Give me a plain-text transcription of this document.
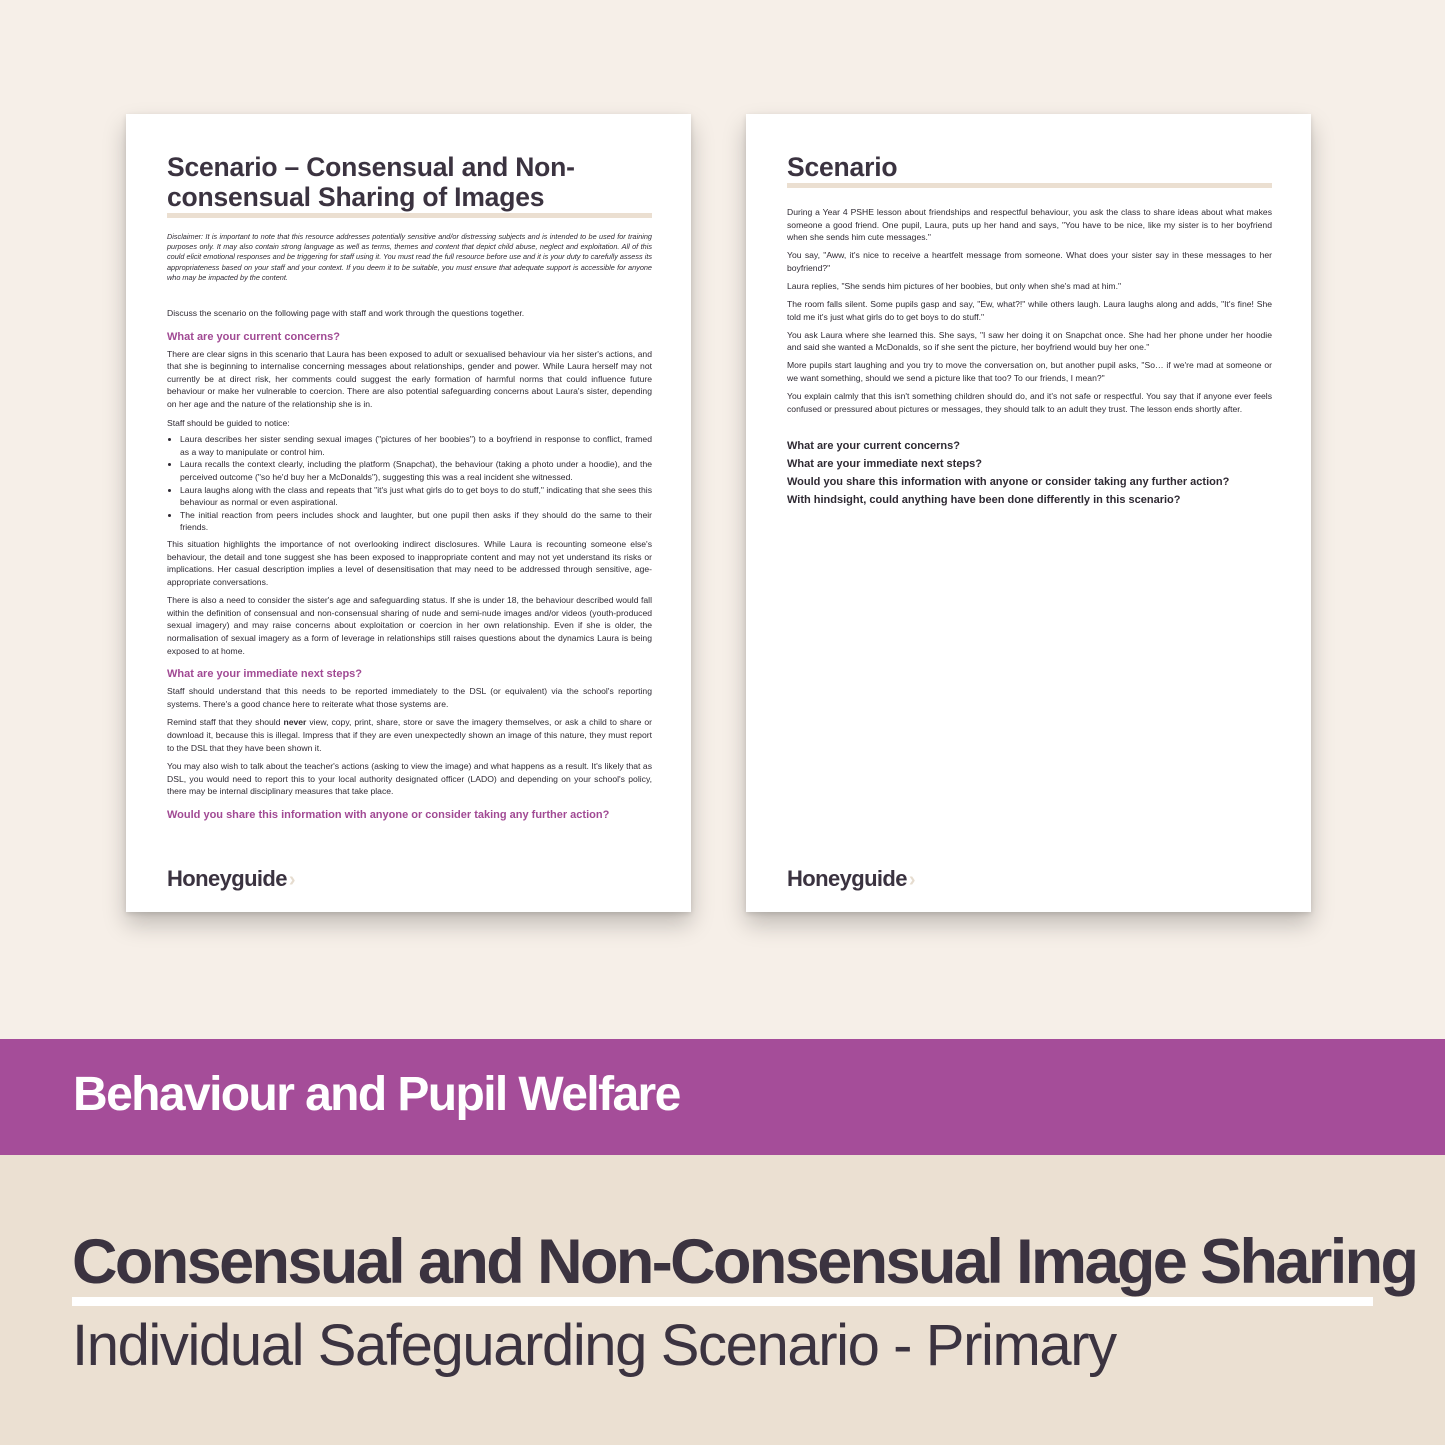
Scenario – Consensual and Non-consensual Sharing of Images
Disclaimer: It is important to note that this resource addresses potentially sensitive and/or distressing subjects and is intended to be used for training purposes only. It may also contain strong language as well as terms, themes and content that depict child abuse, neglect and exploitation. All of this could elicit emotional responses and be triggering for staff using it. You must read the full resource before use and it is your duty to carefully assess its appropriateness based on your staff and your context. If you deem it to be suitable, you must ensure that adequate support is accessible for anyone who may be impacted by the content.

Discuss the scenario on the following page with staff and work through the questions together.

What are your current concerns?

There are clear signs in this scenario that Laura has been exposed to adult or sexualised behaviour via her sister's actions, and that she is beginning to internalise concerning messages about relationships, gender and power. While Laura herself may not currently be at direct risk, her comments could suggest the early formation of harmful norms that could influence future behaviour or make her vulnerable to coercion. There are also potential safeguarding concerns about Laura's sister, depending on her age and the nature of the relationship she is in.

Staff should be guided to notice:

• Laura describes her sister sending sexual images ("pictures of her boobies") to a boyfriend in response to conflict, framed as a way to manipulate or control him.
• Laura recalls the context clearly, including the platform (Snapchat), the behaviour (taking a photo under a hoodie), and the perceived outcome ("so he'd buy her a McDonalds"), suggesting this was a real incident she witnessed.
• Laura laughs along with the class and repeats that "it's just what girls do to get boys to do stuff," indicating that she sees this behaviour as normal or even aspirational.
• The initial reaction from peers includes shock and laughter, but one pupil then asks if they should do the same to their friends.

This situation highlights the importance of not overlooking indirect disclosures. While Laura is recounting someone else's behaviour, the detail and tone suggest she has been exposed to inappropriate content and may not yet understand its risks or implications. Her casual description implies a level of desensitisation that may need to be addressed through sensitive, age-appropriate conversations.

There is also a need to consider the sister's age and safeguarding status. If she is under 18, the behaviour described would fall within the definition of consensual and non-consensual sharing of nude and semi-nude images and/or videos (youth-produced sexual imagery) and may raise concerns about exploitation or coercion in her own relationship. Even if she is older, the normalisation of sexual imagery as a form of leverage in relationships still raises questions about the dynamics Laura is being exposed to at home.

What are your immediate next steps?

Staff should understand that this needs to be reported immediately to the DSL (or equivalent) via the school's reporting systems. There's a good chance here to reiterate what those systems are.

Remind staff that they should never view, copy, print, share, store or save the imagery themselves, or ask a child to share or download it, because this is illegal. Impress that if they are even unexpectedly shown an image of this nature, they must report to the DSL that they have been shown it.

You may also wish to talk about the teacher's actions (asking to view the image) and what happens as a result. It's likely that as DSL, you would need to report this to your local authority designated officer (LADO) and depending on your school's policy, there may be internal disciplinary measures that take place.

Would you share this information with anyone or consider taking any further action?

Honeyguide ›
Scenario

During a Year 4 PSHE lesson about friendships and respectful behaviour, you ask the class to share ideas about what makes someone a good friend. One pupil, Laura, puts up her hand and says, "You have to be nice, like my sister is to her boyfriend when she sends him cute messages."

You say, "Aww, it's nice to receive a heartfelt message from someone. What does your sister say in these messages to her boyfriend?"

Laura replies, "She sends him pictures of her boobies, but only when she's mad at him."

The room falls silent. Some pupils gasp and say, "Ew, what?!" while others laugh. Laura laughs along and adds, "It's fine! She told me it's just what girls do to get boys to do stuff."

You ask Laura where she learned this. She says, "I saw her doing it on Snapchat once. She had her phone under her hoodie and said she wanted a McDonalds, so if she sent the picture, her boyfriend would buy her one."

More pupils start laughing and you try to move the conversation on, but another pupil asks, "So… if we're mad at someone or we want something, should we send a picture like that too? To our friends, I mean?"

You explain calmly that this isn't something children should do, and it's not safe or respectful. You say that if anyone ever feels confused or pressured about pictures or messages, they should talk to an adult they trust. The lesson ends shortly after.

What are your current concerns?
What are your immediate next steps?
Would you share this information with anyone or consider taking any further action?
With hindsight, could anything have been done differently in this scenario?
Honeyguide ›
Behaviour and Pupil Welfare
Consensual and Non-Consensual Image Sharing
Individual Safeguarding Scenario - Primary
